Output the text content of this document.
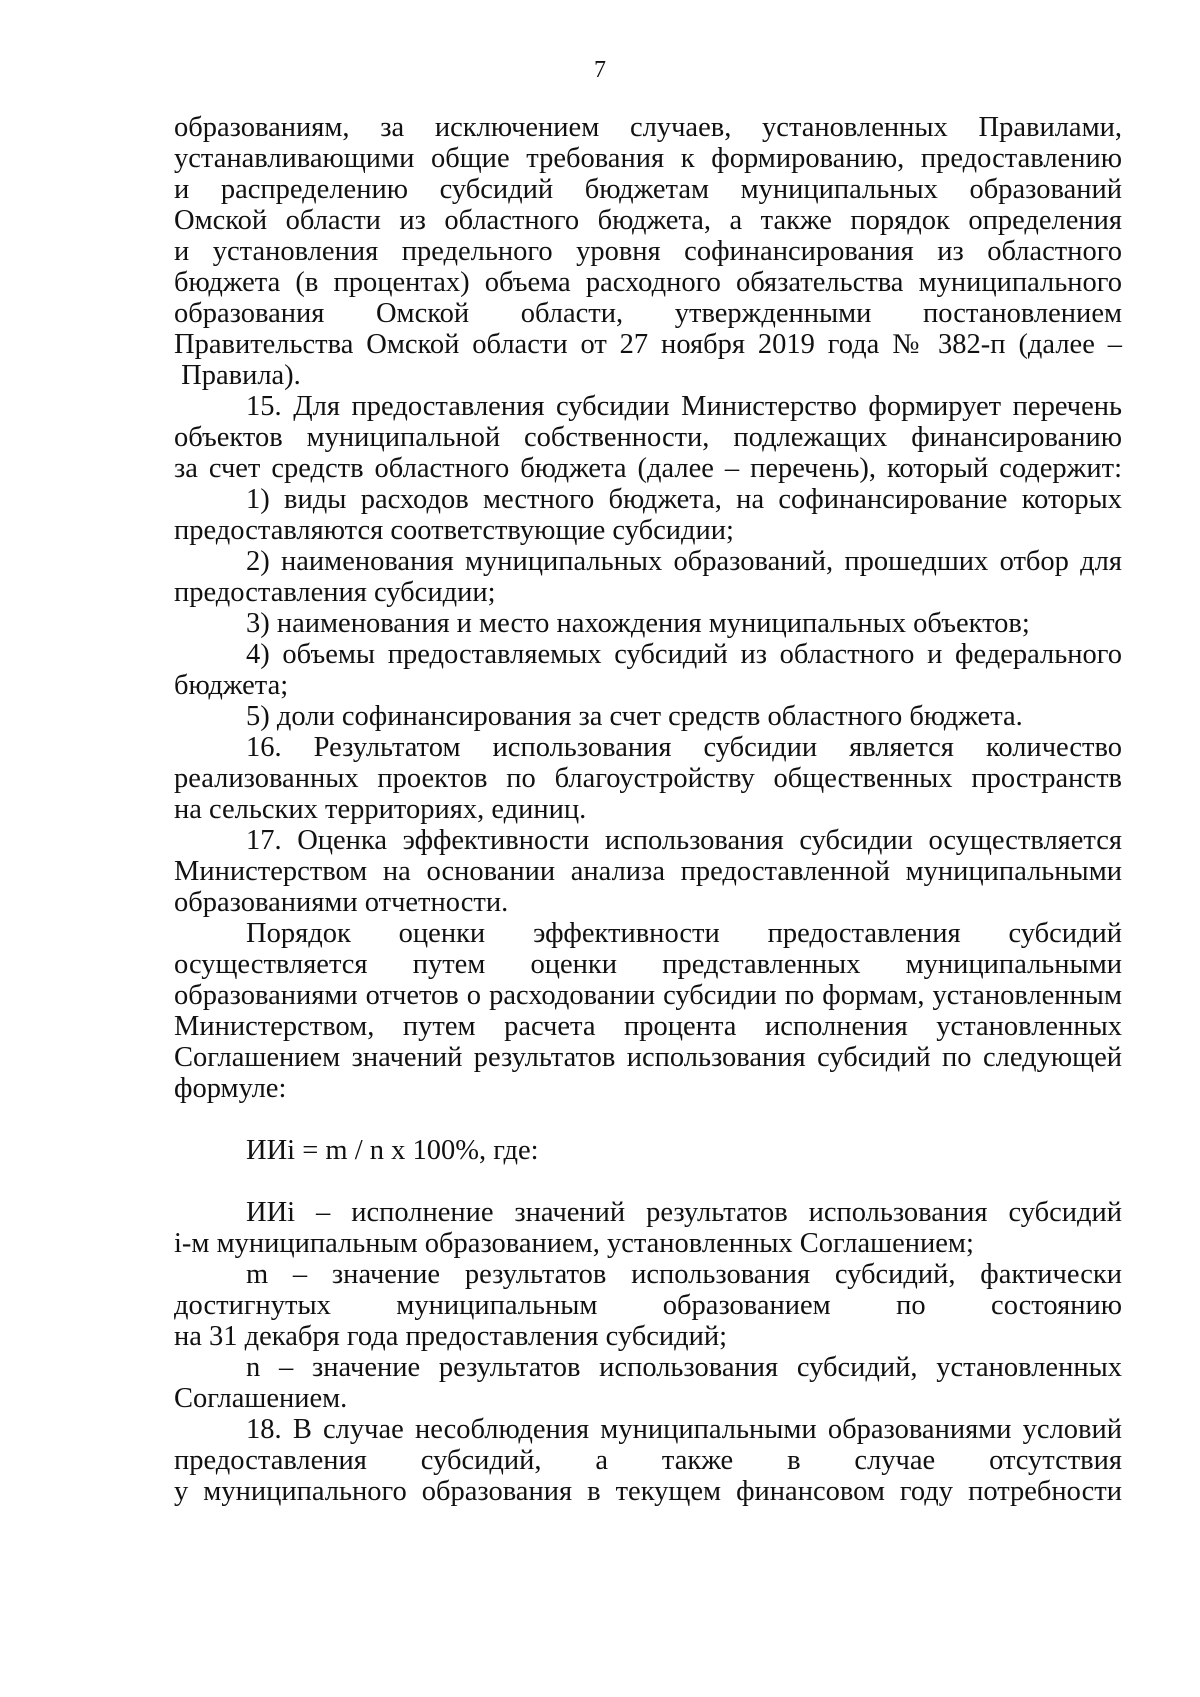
7
образованиям, за исключением случаев, установленных Правилами,
устанавливающими общие требования к формированию, предоставлению
и распределению субсидий бюджетам муниципальных образований
Омской области из областного бюджета, а также порядок определения
и установления предельного уровня софинансирования из областного
бюджета (в процентах) объема расходного обязательства муниципального
образования Омской области, утвержденными постановлением
Правительства Омской области от 27 ноября 2019 года № 382-п (далее –
Правила).
15. Для предоставления субсидии Министерство формирует перечень
объектов муниципальной собственности, подлежащих финансированию
за счет средств областного бюджета (далее – перечень), который содержит:
1) виды расходов местного бюджета, на софинансирование которых
предоставляются соответствующие субсидии;
2) наименования муниципальных образований, прошедших отбор для
предоставления субсидии;
3) наименования и место нахождения муниципальных объектов;
4) объемы предоставляемых субсидий из областного и федерального
бюджета;
5) доли софинансирования за счет средств областного бюджета.
16. Результатом использования субсидии является количество
реализованных проектов по благоустройству общественных пространств
на сельских территориях, единиц.
17. Оценка эффективности использования субсидии осуществляется
Министерством на основании анализа предоставленной муниципальными
образованиями отчетности.
Порядок оценки эффективности предоставления субсидий
осуществляется путем оценки представленных муниципальными
образованиями отчетов о расходовании субсидии по формам, установленным
Министерством, путем расчета процента исполнения установленных
Соглашением значений результатов использования субсидий по следующей
формуле:
ИИi = m / n x 100%, где:
ИИi – исполнение значений результатов использования субсидий
i-м муниципальным образованием, установленных Соглашением;
m – значение результатов использования субсидий, фактически
достигнутых муниципальным образованием по состоянию
на 31 декабря года предоставления субсидий;
n – значение результатов использования субсидий, установленных
Соглашением.
18. В случае несоблюдения муниципальными образованиями условий
предоставления субсидий, а также в случае отсутствия
у муниципального образования в текущем финансовом году потребности
